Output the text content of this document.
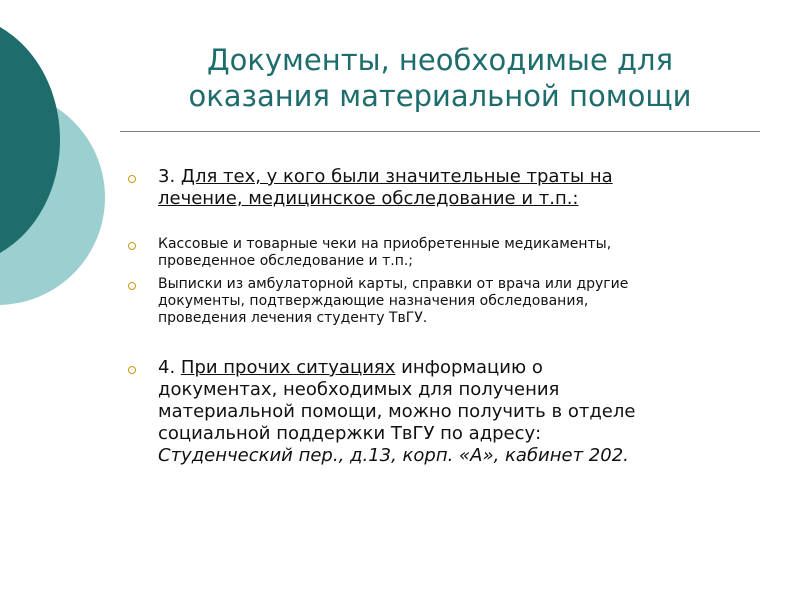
Документы, необходимые для
оказания материальной помощи
3. Для тех, у кого были значительные траты на
лечение, медицинское обследование и т.п.:
Кассовые и товарные чеки на приобретенные медикаменты,
проведенное обследование и т.п.;
Выписки из амбулаторной карты, справки от врача или другие
документы, подтверждающие назначения обследования,
проведения лечения студенту ТвГУ.
4. При прочих ситуациях информацию о
документах, необходимых для получения
материальной помощи, можно получить в отделе
социальной поддержки ТвГУ по адресу:
Студенческий пер., д.13, корп. «А», кабинет 202.
